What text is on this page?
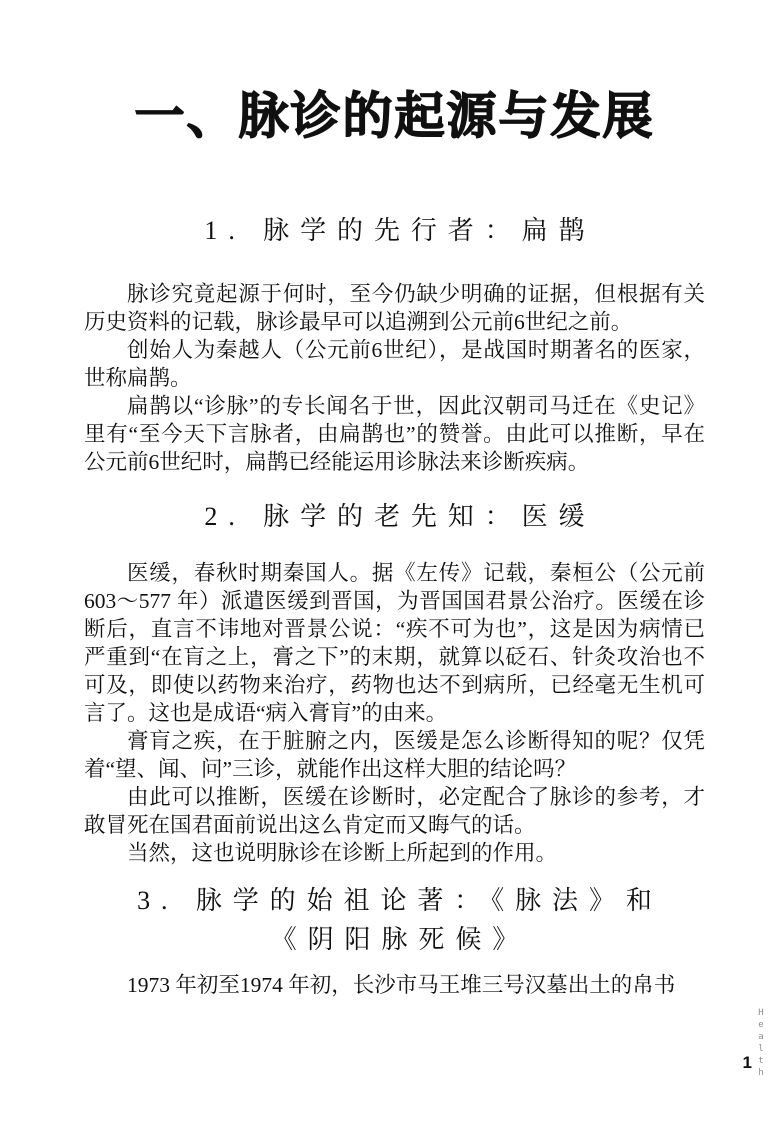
一、脉诊的起源与发展
1. 脉学的先行者：扁鹊

脉诊究竟起源于何时，至今仍缺少明确的证据，但根据有关历史资料的记载，脉诊最早可以追溯到公元前6世纪之前。

创始人为秦越人（公元前6世纪），是战国时期著名的医家，世称扁鹊。

扁鹊以“诊脉”的专长闻名于世，因此汉朝司马迁在《史记》里有“至今天下言脉者，由扁鹊也”的赞誉。由此可以推断，早在公元前6世纪时，扁鹊已经能运用诊脉法来诊断疾病。

2. 脉学的老先知：医缓

医缓，春秋时期秦国人。据《左传》记载，秦桓公（公元前603～577 年）派遣医缓到晋国，为晋国国君景公治疗。医缓在诊断后，直言不讳地对晋景公说：“疾不可为也”，这是因为病情已严重到“在肓之上，膏之下”的末期，就算以砭石、针灸攻治也不可及，即使以药物来治疗，药物也达不到病所，已经毫无生机可言了。这也是成语“病入膏肓”的由来。

膏肓之疾，在于脏腑之内，医缓是怎么诊断得知的呢？仅凭着“望、闻、问”三诊，就能作出这样大胆的结论吗？

由此可以推断，医缓在诊断时，必定配合了脉诊的参考，才敢冒死在国君面前说出这么肯定而又晦气的话。

当然，这也说明脉诊在诊断上所起到的作用。

3. 脉学的始祖论著：《脉法》和
《阴阳脉死候》

1973 年初至1974 年初，长沙市马王堆三号汉墓出土的帛书

Health
1
